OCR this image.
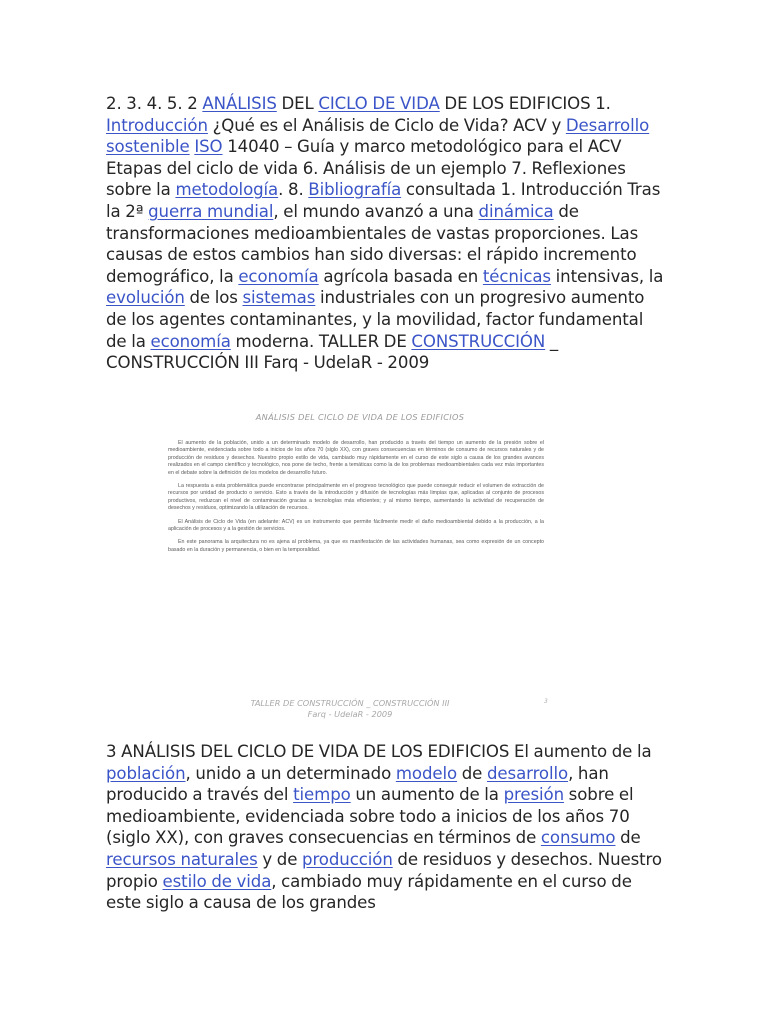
2. 3. 4. 5. 2 ANÁLISIS DEL CICLO DE VIDA DE LOS EDIFICIOS 1. Introducción ¿Qué es el Análisis de Ciclo de Vida? ACV y Desarrollo sostenible ISO 14040 – Guía y marco metodológico para el ACV Etapas del ciclo de vida 6. Análisis de un ejemplo 7. Reflexiones sobre la metodología. 8. Bibliografía consultada 1. Introducción Tras la 2ª guerra mundial, el mundo avanzó a una dinámica de transformaciones medioambientales de vastas proporciones. Las causas de estos cambios han sido diversas: el rápido incremento demográfico, la economía agrícola basada en técnicas intensivas, la evolución de los sistemas industriales con un progresivo aumento de los agentes contaminantes, y la movilidad, factor fundamental de la economía moderna. TALLER DE CONSTRUCCIÓN _ CONSTRUCCIÓN III Farq - UdelaR - 2009
ANÁLISIS DEL CICLO DE VIDA DE LOS EDIFICIOS

El aumento de la población, unido a un determinado modelo de desarrollo, han producido a través del tiempo un aumento de la presión sobre el medioambiente, evidenciada sobre todo a inicios de los años 70 (siglo XX), con graves consecuencias en términos de consumo de recursos naturales y de producción de residuos y desechos. Nuestro propio estilo de vida, cambiado muy rápidamente en el curso de este siglo a causa de los grandes avances realizados en el campo científico y tecnológico, nos pone de techo, frente a temáticas como la de los problemas medioambientales cada vez más importantes en el debate sobre la definición de los modelos de desarrollo futuro.

La respuesta a esta problemática puede encontrarse principalmente en el progreso tecnológico que puede conseguir reducir el volumen de extracción de recursos por unidad de producto o servicio. Esto a través de la introducción y difusión de tecnologías más limpias que, aplicadas al conjunto de procesos productivos, reduzcan el nivel de contaminación gracias a tecnologías más eficientes; y al mismo tiempo, aumentando la actividad de recuperación de desechos y residuos, optimizando la utilización de recursos.

El Análisis de Ciclo de Vida (en adelante: ACV) es un instrumento que permite fácilmente medir el daño medioambiental debido a la producción, a la aplicación de procesos y a la gestión de servicios.

En este panorama la arquitectura no es ajena al problema, ya que es manifestación de las actividades humanas, sea como expresión de un concepto basado en la duración y permanencia, o bien en la temporalidad.

TALLER DE CONSTRUCCIÓN _ CONSTRUCCIÓN III
Farq - UdelaR - 2009
3
3 ANÁLISIS DEL CICLO DE VIDA DE LOS EDIFICIOS El aumento de la población, unido a un determinado modelo de desarrollo, han producido a través del tiempo un aumento de la presión sobre el medioambiente, evidenciada sobre todo a inicios de los años 70 (siglo XX), con graves consecuencias en términos de consumo de recursos naturales y de producción de residuos y desechos. Nuestro propio estilo de vida, cambiado muy rápidamente en el curso de este siglo a causa de los grandes
